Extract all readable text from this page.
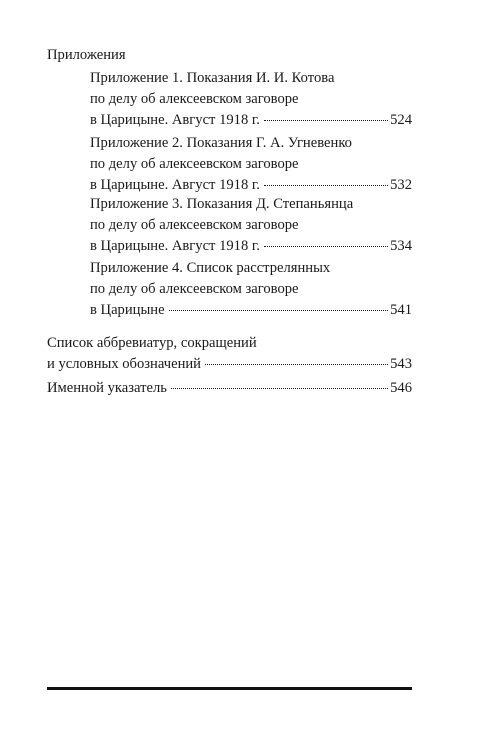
Приложения
Приложение 1. Показания И. И. Котова
по делу об алексеевском заговоре
в Царицыне. Август 1918 г.	524
Приложение 2. Показания Г. А. Угневенко
по делу об алексеевском заговоре
в Царицыне. Август 1918 г.	532
Приложение 3. Показания Д. Степаньянца
по делу об алексеевском заговоре
в Царицыне. Август 1918 г.	534
Приложение 4. Список расстрелянных
по делу об алексеевском заговоре
в Царицыне	541
Список аббревиатур, сокращений
и условных обозначений	543
Именной указатель	546
